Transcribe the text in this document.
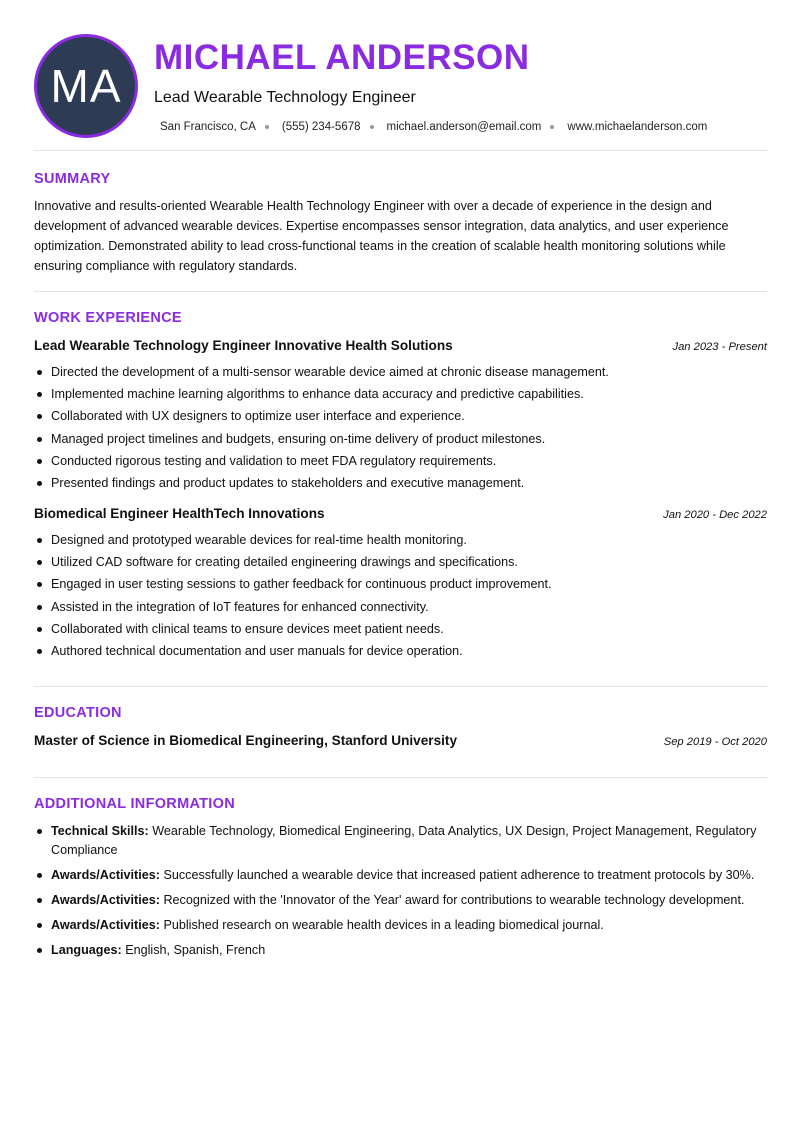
MA
MICHAEL ANDERSON
Lead Wearable Technology Engineer
San Francisco, CA (555) 234-5678 michael.anderson@email.com www.michaelanderson.com
SUMMARY
Innovative and results-oriented Wearable Health Technology Engineer with over a decade of experience in the design and development of advanced wearable devices. Expertise encompasses sensor integration, data analytics, and user experience optimization. Demonstrated ability to lead cross-functional teams in the creation of scalable health monitoring solutions while ensuring compliance with regulatory standards.
WORK EXPERIENCE
Lead Wearable Technology Engineer Innovative Health Solutions	Jan 2023 - Present
Directed the development of a multi-sensor wearable device aimed at chronic disease management.
Implemented machine learning algorithms to enhance data accuracy and predictive capabilities.
Collaborated with UX designers to optimize user interface and experience.
Managed project timelines and budgets, ensuring on-time delivery of product milestones.
Conducted rigorous testing and validation to meet FDA regulatory requirements.
Presented findings and product updates to stakeholders and executive management.
Biomedical Engineer HealthTech Innovations	Jan 2020 - Dec 2022
Designed and prototyped wearable devices for real-time health monitoring.
Utilized CAD software for creating detailed engineering drawings and specifications.
Engaged in user testing sessions to gather feedback for continuous product improvement.
Assisted in the integration of IoT features for enhanced connectivity.
Collaborated with clinical teams to ensure devices meet patient needs.
Authored technical documentation and user manuals for device operation.
EDUCATION
Master of Science in Biomedical Engineering, Stanford University	Sep 2019 - Oct 2020
ADDITIONAL INFORMATION
Technical Skills: Wearable Technology, Biomedical Engineering, Data Analytics, UX Design, Project Management, Regulatory Compliance
Awards/Activities: Successfully launched a wearable device that increased patient adherence to treatment protocols by 30%.
Awards/Activities: Recognized with the 'Innovator of the Year' award for contributions to wearable technology development.
Awards/Activities: Published research on wearable health devices in a leading biomedical journal.
Languages: English, Spanish, French
